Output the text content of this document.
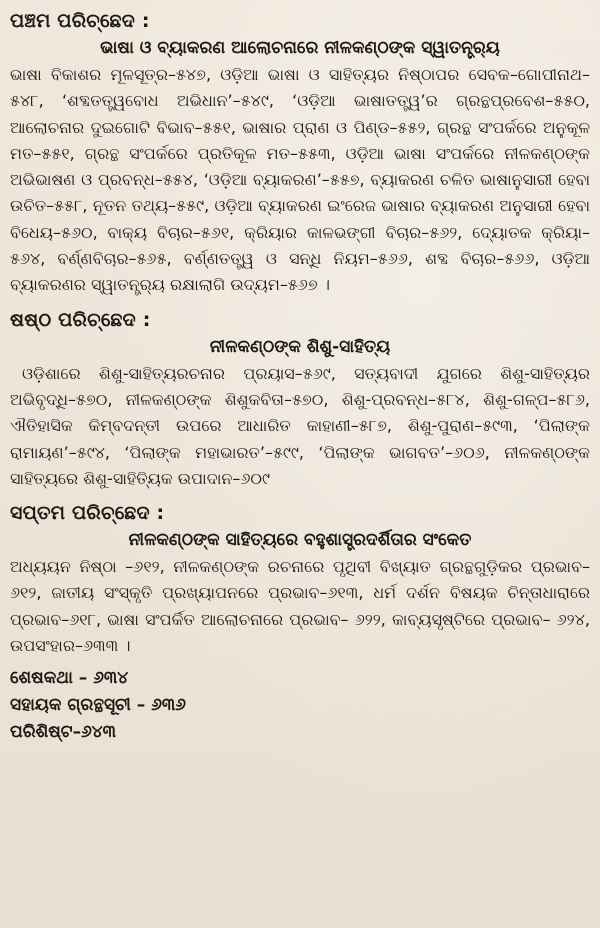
ପଞ୍ଚମ ପରିଚ୍ଛେଦ :
ଭାଷା ଓ ବ୍ୟାକରଣ ଆଲୋଚନାରେ ନୀଳକଣ୍ଠଙ୍କ ସ୍ୱାତନ୍ତ୍ର୍ୟ

ଭାଷା ବିକାଶର ମୂଳସୂତ୍ର–୫୪୭, ଓଡ଼ିଆ ଭାଷା ଓ ସାହିତ୍ୟର ନିଷ୍ଠାପର ସେବକ–ଗୋପୀନାଥ–୫୪୮, ‘ଶବ୍ଦତତ୍ତ୍ୱବୋଧ ଅଭିଧାନ’–୫୪୯, ‘ଓଡ଼ିଆ ଭାଷାତତ୍ତ୍ୱ’ର ଗ୍ରନ୍ଥପ୍ରବେଶ–୫୫୦, ଆଲୋଚନାର ଦୁଇଗୋଟି ବିଭାବ–୫୫୧, ଭାଷାର ପ୍ରାଣ ଓ ପିଣ୍ଡ–୫୫୨, ଗ୍ରନ୍ଥ ସଂପର୍କରେ ଅନୁକୂଳ ମତ–୫୫୧, ଗ୍ରନ୍ଥ ସଂପର୍କରେ ପ୍ରତିକୂଳ ମତ–୫୫୩, ଓଡ଼ିଆ ଭାଷା ସଂପର୍କରେ ନୀଳକଣ୍ଠଙ୍କ ଅଭିଭାଷଣ ଓ ପ୍ରବନ୍ଧ–୫୫୪, ‘ଓଡ଼ିଆ ବ୍ୟାକରଣ’–୫୫୭, ବ୍ୟାକରଣ ଚଳିତ ଭାଷାନୁସାରୀ ହେବା ଉଚିତ–୫୫୮, ନୂତନ ତଥ୍ୟ–୫୫୯, ଓଡ଼ିଆ ବ୍ୟାକରଣ ଇଂରେଜ ଭାଷାର ବ୍ୟାକରଣ ଅନୁସାରୀ ହେବା ବିଧେୟ–୫୬୦, ବାକ୍ୟ ବିଚାର–୫୬୧, କ୍ରିୟାର କାଳଭଙ୍ଗୀ ବିଚାର–୫୬୨, ଦ୍ୟୋତକ କ୍ରିୟା–୫୬୪, ବର୍ଣ୍ଣବିଚାର–୫୬୫, ବର୍ଣ୍ଣତତ୍ତ୍ୱ ଓ ସନ୍ଧି ନିୟମ–୫୬୬, ଶବ୍ଦ ବିଚାର–୫୬୬, ଓଡ଼ିଆ ବ୍ୟାକରଣର ସ୍ୱାତନ୍ତ୍ର୍ୟ ରକ୍ଷାଲାଗି ଉଦ୍ୟମ–୫୬୭ ।

ଷଷ୍ଠ ପରିଚ୍ଛେଦ :
ନୀଳକଣ୍ଠଙ୍କ ଶିଶୁ-ସାହିତ୍ୟ

ଓଡ଼ିଶାରେ ଶିଶୁ-ସାହିତ୍ୟରଚନାର ପ୍ରୟାସ–୫୬୯, ସତ୍ୟବାଦୀ ଯୁଗରେ ଶିଶୁ-ସାହିତ୍ୟର ଅଭିବୃଦ୍ଧି–୫୭୦, ନୀଳକଣ୍ଠଙ୍କ ଶିଶୁକବିତା–୫୭୦, ଶିଶୁ-ପ୍ରବନ୍ଧ–୫୮୪, ଶିଶୁ-ଗଳ୍ପ–୫୮୬, ଐତିହାସିକ କିମ୍ବଦନ୍ତୀ ଉପରେ ଆଧାରିତ କାହାଣୀ–୫୮୭, ଶିଶୁ-ପୁରାଣ–୫୯୩, ‘ପିଲାଙ୍କ ରାମାୟଣ’–୫୯୪, ‘ପିଲାଙ୍କ ମହାଭାରତ’–୫୯୯, ‘ପିଲାଙ୍କ ଭାଗବତ’–୬୦୬, ନୀଳକଣ୍ଠଙ୍କ ସାହିତ୍ୟରେ ଶିଶୁ-ସାହିତ୍ୟିକ ଉପାଦାନ–୬୦୯

ସପ୍ତମ ପରିଚ୍ଛେଦ :
ନୀଳକଣ୍ଠଙ୍କ ସାହିତ୍ୟରେ ବହୁଶାସ୍ତ୍ରଦର୍ଶିତାର ସଂକେତ

ଅଧ୍ୟୟନ ନିଷ୍ଠା –୬୧୨, ନୀଳକଣ୍ଠଙ୍କ ରଚନାରେ ପୃଥିବୀ ବିଖ୍ୟାତ ଗ୍ରନ୍ଥଗୁଡ଼ିକର ପ୍ରଭାବ–୬୧୨, ଜାତୀୟ ସଂସ୍କୃତି ପ୍ରଖ୍ୟାପନରେ ପ୍ରଭାବ–୬୧୩, ଧର୍ମ ଦର୍ଶନ ବିଷୟକ ଚିନ୍ତାଧାରାରେ ପ୍ରଭାବ–୬୧୮, ଭାଷା ସଂପର୍କିତ ଆଲୋଚନାରେ ପ୍ରଭାବ– ୬୨୨, କାବ୍ୟସୃଷ୍ଟିରେ ପ୍ରଭାବ– ୬୨୪, ଉପସଂହାର–୬୩୩ ।

ଶେଷକଥା – ୬୩୪
ସହାୟକ ଗ୍ରନ୍ଥସୂଚୀ – ୬୩୬
ପରିଶିଷ୍ଟ–୬୪୩
